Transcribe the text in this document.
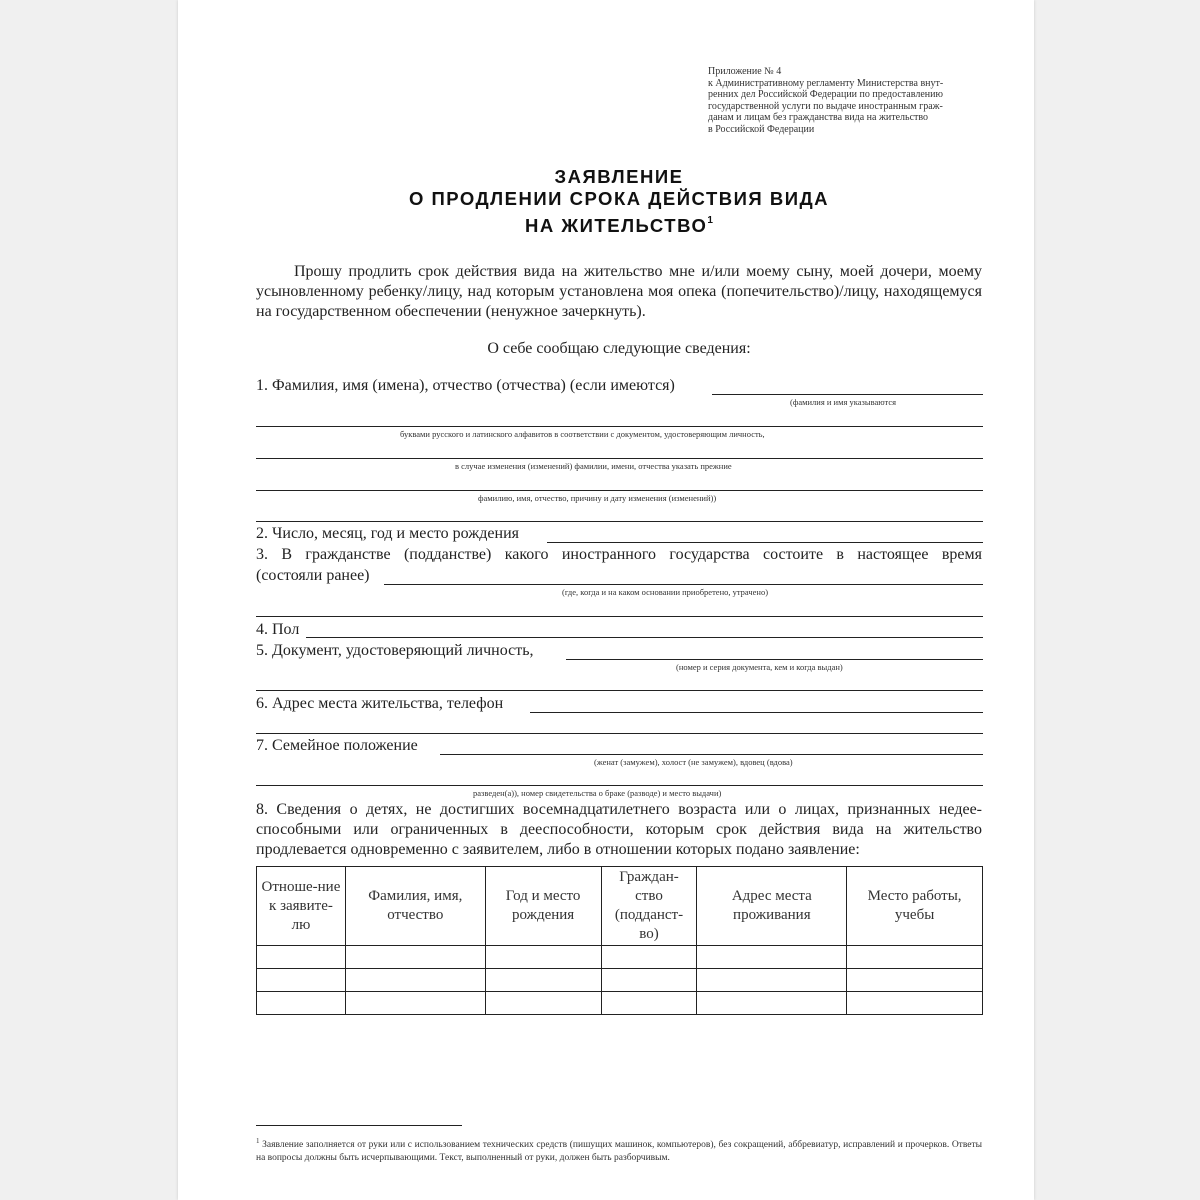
Приложение № 4
к Административному регламенту Министерства внут-
ренних дел Российской Федерации по предоставлению
государственной услуги по выдаче иностранным граж-
данам и лицам без гражданства вида на жительство
в Российской Федерации
ЗАЯВЛЕНИЕ
О ПРОДЛЕНИИ СРОКА ДЕЙСТВИЯ ВИДА
НА ЖИТЕЛЬСТВО$^1$
Прошу продлить срок действия вида на жительство мне и/или моему сыну, моей дочери, моему усыновленному ребенку/лицу, над которым установлена моя опека (попечительство)/лицу, находящемуся на государственном обеспечении (ненужное зачеркнуть).
О себе сообщаю следующие сведения:
1. Фамилия, имя (имена), отчество (отчества) (если имеются)
(фамилия и имя указываются
буквами русского и латинского алфавитов в соответствии с документом, удостоверяющим личность,
в случае изменения (изменений) фамилии, имени, отчества указать прежние
фамилию, имя, отчество, причину и дату изменения (изменений))
2. Число, месяц, год и место рождения
3. В гражданстве (подданстве) какого иностранного государства состоите в настоящее время
(состояли ранее)
(где, когда и на каком основании приобретено, утрачено)
4. Пол
5. Документ, удостоверяющий личность,
(номер и серия документа, кем и когда выдан)
6. Адрес места жительства, телефон
7. Семейное положение
(женат (замужем), холост (не замужем), вдовец (вдова)
разведен(а)), номер свидетельства о браке (разводе) и место выдачи)
8. Сведения о детях, не достигших восемнадцатилетнего возраста или о лицах, признанных недее-
способными или ограниченных в дееспособности, которым срок действия вида на жительство
продлевается одновременно с заявителем, либо в отношении которых подано заявление:
Отноше-ние к заявите-лю	Фамилия, имя, отчество	Год и место рождения	Граждан-ство (подданст-во)	Адрес места проживания	Место работы, учебы

$^1$ Заявление заполняется от руки или с использованием технических средств (пишущих машинок, компьютеров), без сокращений, аббревиатур, исправлений и прочерков. Ответы на вопросы должны быть исчерпывающими. Текст, выполненный от руки, должен быть разборчивым.
